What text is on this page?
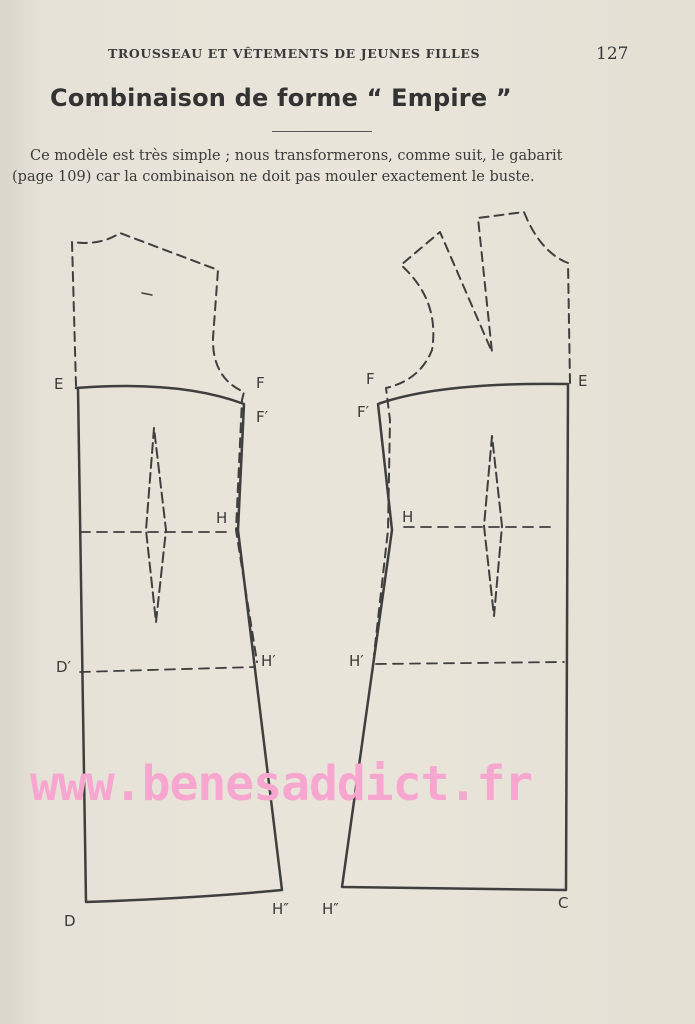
TROUSSEAU ET VÊTEMENTS DE JEUNES FILLES	127
Combinaison de forme “ Empire ”
Ce modèle est très simple ; nous transformerons, comme suit, le gabarit
(page 109) car la combinaison ne doit pas mouler exactement le buste.
E	F
F′
H
D′	H′
D
H″
F	E
F′
H
H′
H″	C
www.benesaddict.fr
